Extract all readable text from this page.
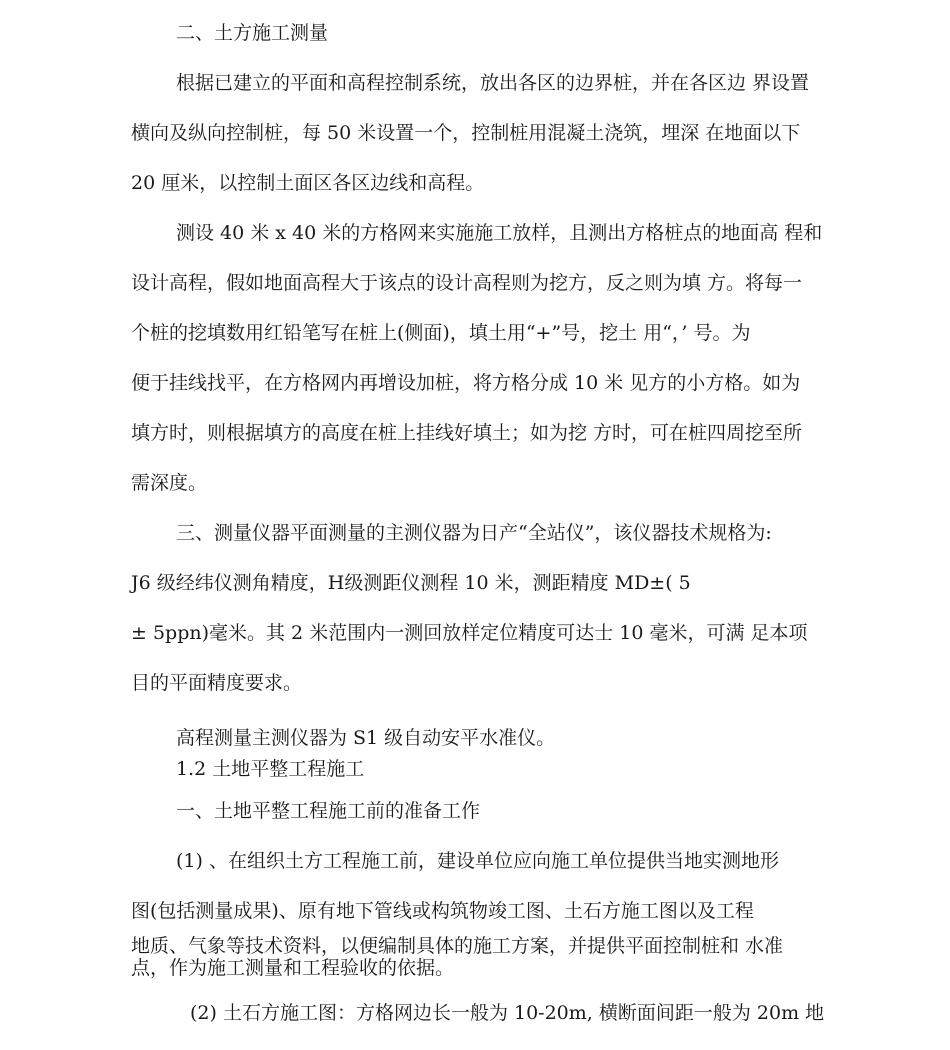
二、土方施工测量
根据已建立的平面和高程控制系统，放出各区的边界桩，并在各区边 界设置
横向及纵向控制桩，每 50 米设置一个，控制桩用混凝土浇筑，埋深 在地面以下
20 厘米，以控制土面区各区边线和高程。
测设 40 米 x 40 米的方格网来实施施工放样，且测出方格桩点的地面高 程和
设计高程，假如地面高程大于该点的设计高程则为挖方，反之则为填 方。将每一
个桩的挖填数用红铅笔写在桩上(侧面)，填土用“+”号，挖土 用“，’ 号。为
便于挂线找平，在方格网内再增设加桩，将方格分成 10 米 见方的小方格。如为
填方时，则根据填方的高度在桩上挂线好填土；如为挖 方时，可在桩四周挖至所
需深度。
三、测量仪器平面测量的主测仪器为日产“全站仪”，该仪器技术规格为:
J6 级经纬仪测角精度，H级测距仪测程 10 米，测距精度 MD±( 5
± 5ppn)毫米。其 2 米范围内一测回放样定位精度可达士 10 毫米，可满 足本项
目的平面精度要求。
高程测量主测仪器为 S1 级自动安平水准仪。
1.2 土地平整工程施工
一、土地平整工程施工前的准备工作
(1) 、在组织土方工程施工前，建设单位应向施工单位提供当地实测地形
图(包括测量成果)、原有地下管线或构筑物竣工图、土石方施工图以及工程
地质、气象等技术资料，以便编制具体的施工方案，并提供平面控制桩和 水准
点，作为施工测量和工程验收的依据。
(2) 土石方施工图：方格网边长一般为 10-20m, 横断面间距一般为 20m 地
